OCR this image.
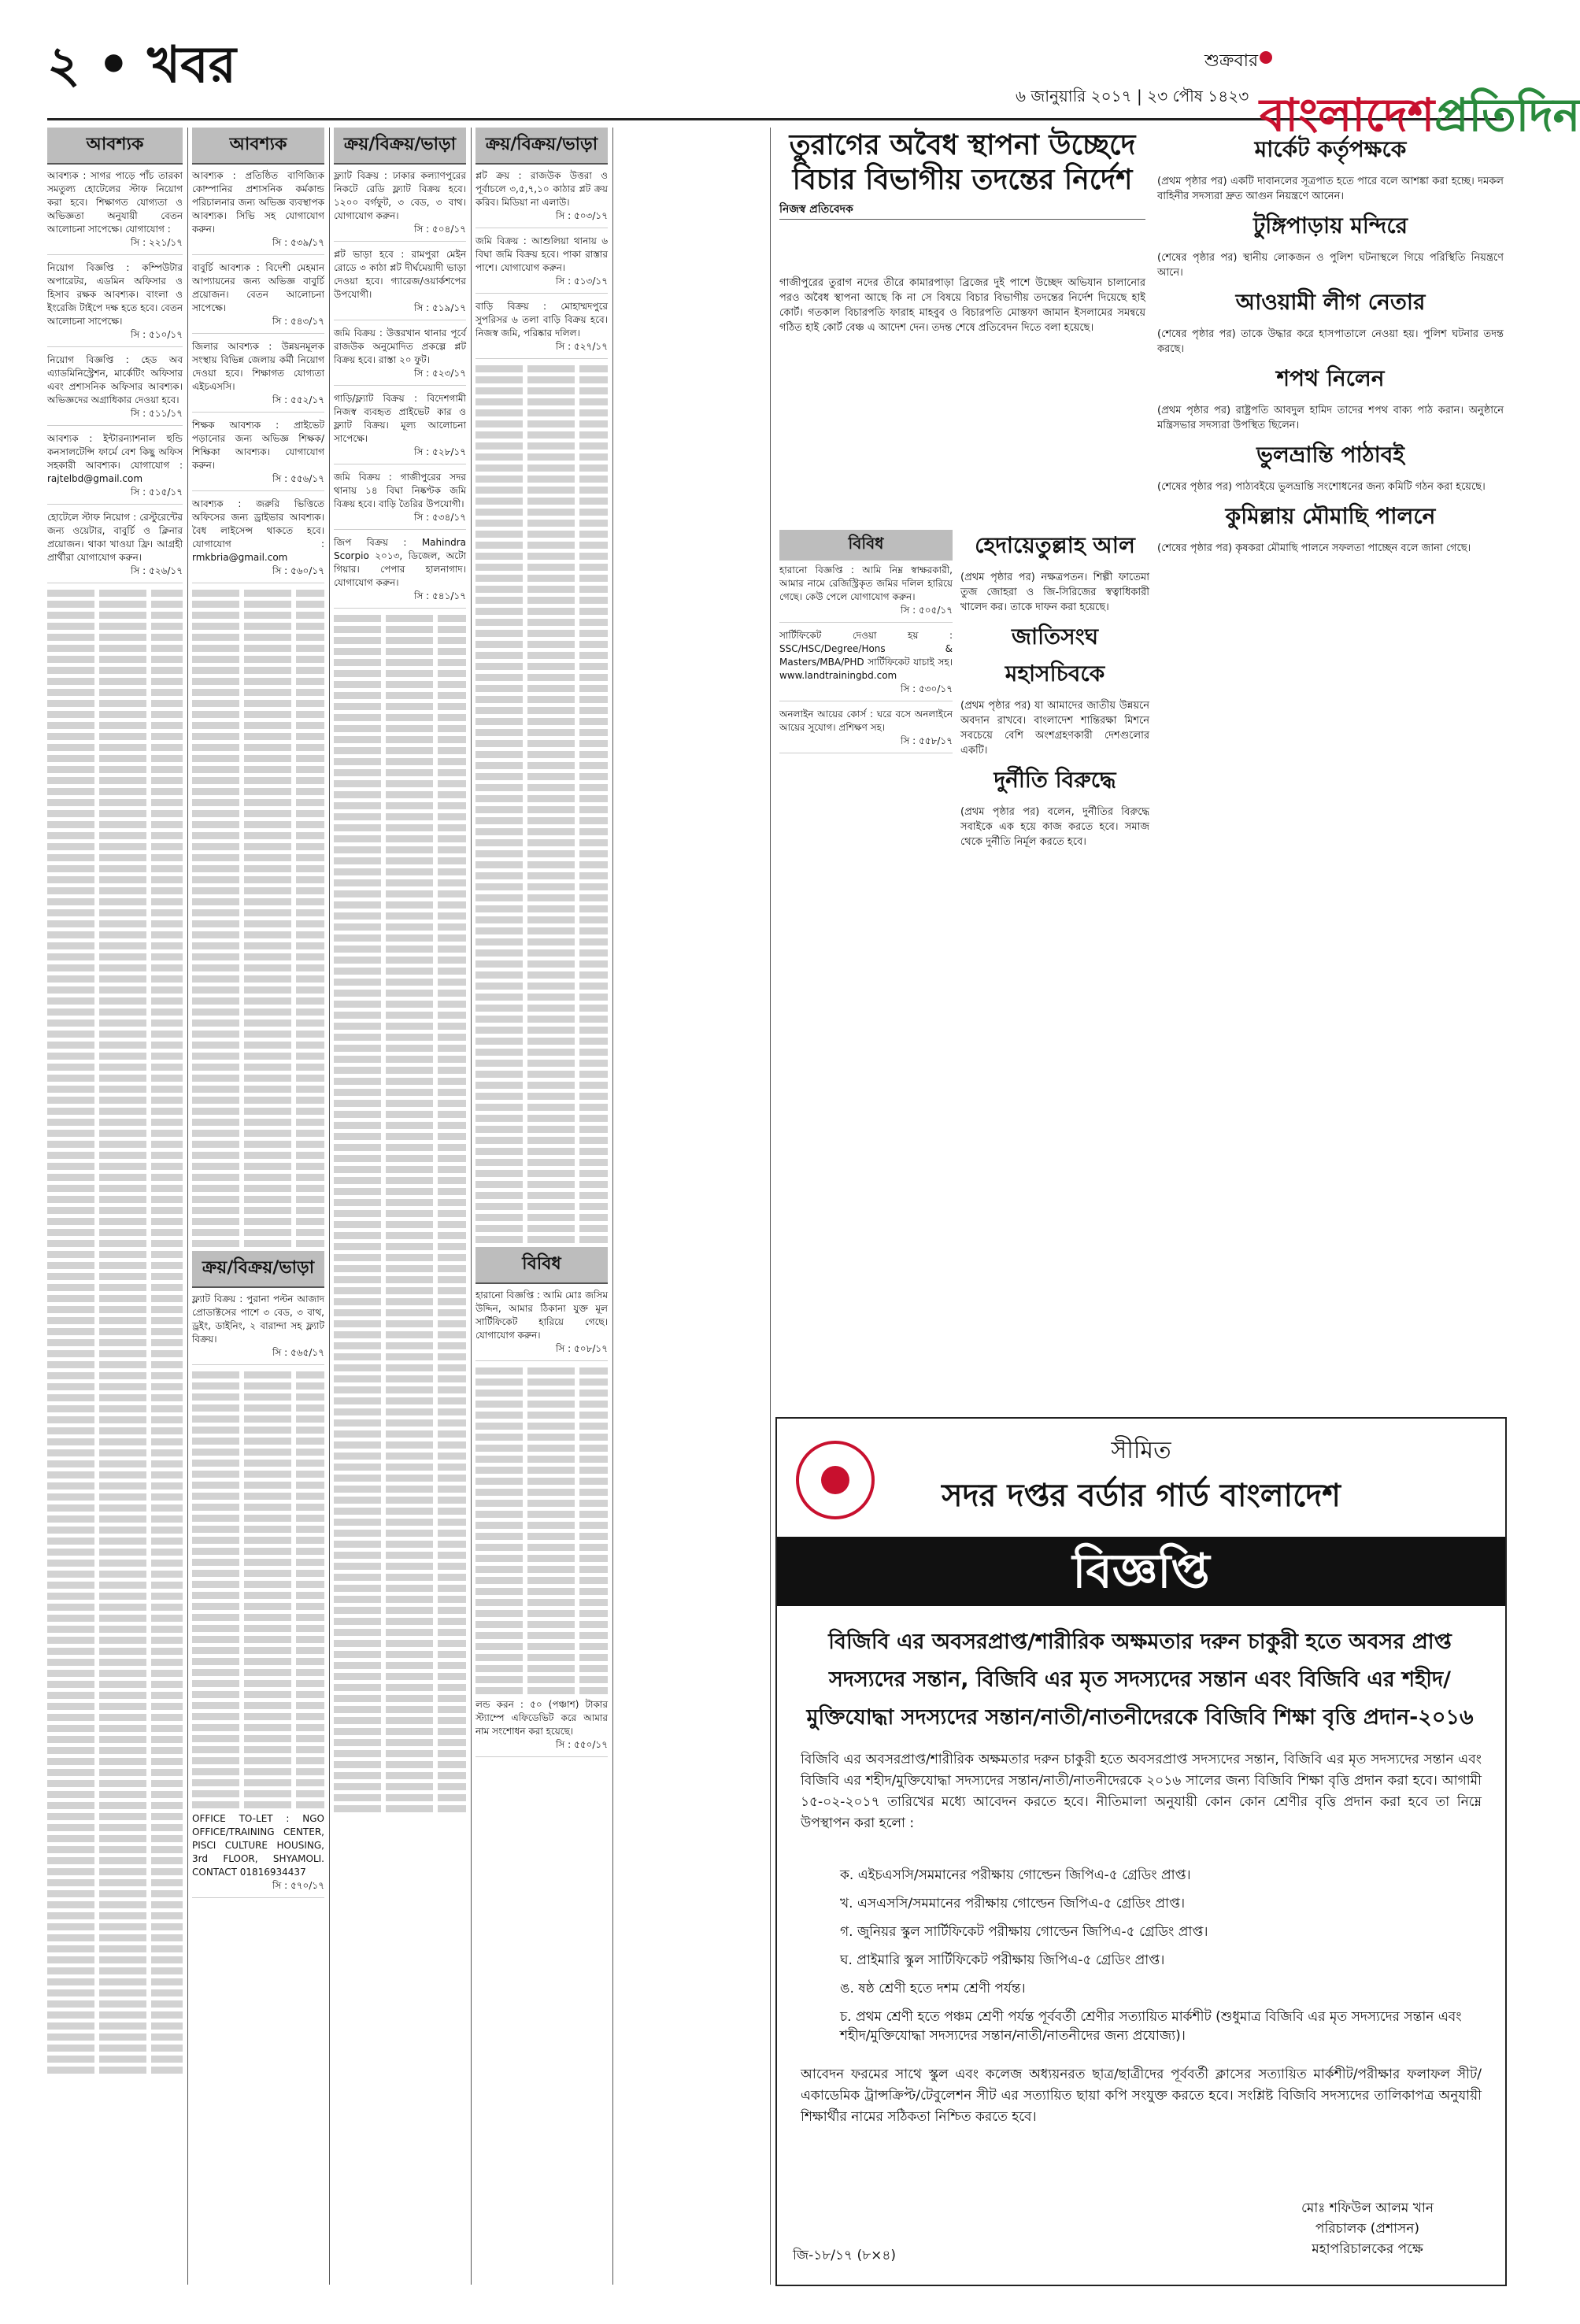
২ • খবর	শুক্রবার
৬ জানুয়ারি ২০১৭ | ২৩ পৌষ ১৪২৩ বাংলাদেশপ্রতিদিন
আবশ্যক
আবশ্যক : সাগর পাড়ে পাঁচ তারকা সমতুল্য হোটেলের স্টাফ নিয়োগ করা হবে। শিক্ষাগত যোগ্যতা ও অভিজ্ঞতা অনুযায়ী বেতন আলোচনা সাপেক্ষে। যোগাযোগ :
সি : ২২১/১৭
নিয়োগ বিজ্ঞপ্তি : কম্পিউটার অপারেটর, এডমিন অফিসার ও হিসাব রক্ষক আবশ্যক। বাংলা ও ইংরেজি টাইপে দক্ষ হতে হবে। বেতন আলোচনা সাপেক্ষে।
সি : ৫১০/১৭
নিয়োগ বিজ্ঞপ্তি : হেড অব এ্যাডমিনিস্ট্রেশন, মার্কেটিং অফিসার এবং প্রশাসনিক অফিসার আবশ্যক। অভিজ্ঞদের অগ্রাধিকার দেওয়া হবে।
সি : ৫১১/১৭
আবশ্যক : ইন্টারন্যাশনাল হুন্ডি কনসালটেন্সি ফার্মে বেশ কিছু অফিস সহকারী আবশ্যক। যোগাযোগ : rajtelbd@gmail.com
সি : ৫১৫/১৭
হোটেলে স্টাফ নিয়োগ : রেস্টুরেন্টের জন্য ওয়েটার, বাবুর্চি ও ক্লিনার প্রয়োজন। থাকা খাওয়া ফ্রি। আগ্রহী প্রার্থীরা যোগাযোগ করুন।
সি : ৫২৬/১৭
আবশ্যক
আবশ্যক : প্রতিষ্ঠিত বাণিজ্যিক কোম্পানির প্রশাসনিক কর্মকান্ড পরিচালনার জন্য অভিজ্ঞ ব্যবস্থাপক আবশ্যক। সিভি সহ যোগাযোগ করুন।
সি : ৫৩৯/১৭
বাবুর্চি আবশ্যক : বিদেশী মেহমান আপ্যায়নের জন্য অভিজ্ঞ বাবুর্চি প্রয়োজন। বেতন আলোচনা সাপেক্ষে।
সি : ৫৪৩/১৭
জিলার আবশ্যক : উন্নয়নমূলক সংস্থায় বিভিন্ন জেলায় কর্মী নিয়োগ দেওয়া হবে। শিক্ষাগত যোগ্যতা এইচএসসি।
সি : ৫৫২/১৭
শিক্ষক আবশ্যক : প্রাইভেট পড়ানোর জন্য অভিজ্ঞ শিক্ষক/শিক্ষিকা আবশ্যক। যোগাযোগ করুন।
সি : ৫৫৬/১৭
আবশ্যক : জরুরি ভিত্তিতে অফিসের জন্য ড্রাইভার আবশ্যক। বৈধ লাইসেন্স থাকতে হবে। যোগাযোগ : rmkbria@gmail.com
সি : ৫৬০/১৭
ক্রয়/বিক্রয়/ভাড়া
ফ্ল্যাট বিক্রয় : পুরানা পল্টন আজাদ প্রোডাক্টসের পাশে ৩ বেড, ৩ বাথ, ড্রইং, ডাইনিং, ২ বারান্দা সহ ফ্ল্যাট বিক্রয়।
সি : ৫৬৫/১৭
OFFICE TO-LET : NGO OFFICE/TRAINING CENTER, PISCI CULTURE HOUSING, 3rd FLOOR, SHYAMOLI. CONTACT 01816934437
সি : ৫৭০/১৭
ক্রয়/বিক্রয়/ভাড়া
ফ্ল্যাট বিক্রয় : ঢাকার কল্যাণপুরের নিকটে রেডি ফ্ল্যাট বিক্রয় হবে। ১২০০ বর্গফুট, ৩ বেড, ৩ বাথ। যোগাযোগ করুন।
সি : ৫০৪/১৭
প্লট ভাড়া হবে : রামপুরা মেইন রোডে ৩ কাঠা প্লট দীর্ঘমেয়াদী ভাড়া দেওয়া হবে। গ্যারেজ/ওয়ার্কশপের উপযোগী।
সি : ৫১৯/১৭
জমি বিক্রয় : উত্তরখান থানার পূর্বে রাজউক অনুমোদিত প্রকল্পে প্লট বিক্রয় হবে। রাস্তা ২০ ফুট।
সি : ৫২৩/১৭
গাড়ি/ফ্ল্যাট বিক্রয় : বিদেশগামী নিজস্ব ব্যবহৃত প্রাইভেট কার ও ফ্ল্যাট বিক্রয়। মূল্য আলোচনা সাপেক্ষে।
সি : ৫২৮/১৭
জমি বিক্রয় : গাজীপুরের সদর থানায় ১৪ বিঘা নিষ্কণ্টক জমি বিক্রয় হবে। বাড়ি তৈরির উপযোগী।
সি : ৫৩৪/১৭
জিপ বিক্রয় : Mahindra Scorpio ২০১৩, ডিজেল, অটো গিয়ার। পেপার হালনাগাদ। যোগাযোগ করুন।
সি : ৫৪১/১৭
ক্রয়/বিক্রয়/ভাড়া
প্লট ক্রয় : রাজউক উত্তরা ও পূর্বাচলে ৩,৫,৭,১০ কাঠার প্লট ক্রয় করিব। মিডিয়া না এলাউ।
সি : ৫০৩/১৭
জমি বিক্রয় : আশুলিয়া থানায় ৬ বিঘা জমি বিক্রয় হবে। পাকা রাস্তার পাশে। যোগাযোগ করুন।
সি : ৫১৩/১৭
বাড়ি বিক্রয় : মোহাম্মদপুরে সুপরিসর ৬ তলা বাড়ি বিক্রয় হবে। নিজস্ব জমি, পরিষ্কার দলিল।
সি : ৫২৭/১৭
বিবিধ
হারানো বিজ্ঞপ্তি : আমি মোঃ জসিম উদ্দিন, আমার ঠিকানা যুক্ত মূল সার্টিফিকেট হারিয়ে গেছে। যোগাযোগ করুন।
সি : ৫০৮/১৭
লন্ড করন : ৫০ (পঞ্চাশ) টাকার স্ট্যাম্পে এফিডেভিট করে আমার নাম সংশোধন করা হয়েছে।
সি : ৫৫০/১৭
তুরাগের অবৈধ স্থাপনা উচ্ছেদে বিচার বিভাগীয় তদন্তের নির্দেশ
নিজস্ব প্রতিবেদক
গাজীপুরের তুরাগ নদের তীরে কামারপাড়া ব্রিজের দুই পাশে উচ্ছেদ অভিযান চালানোর পরও অবৈধ স্থাপনা আছে কি না সে বিষয়ে বিচার বিভাগীয় তদন্তের নির্দেশ দিয়েছে হাই কোর্ট। গতকাল বিচারপতি ফারাহ মাহবুব ও বিচারপতি মোস্তফা জামান ইসলামের সমন্বয়ে গঠিত হাই কোর্ট বেঞ্চ এ আদেশ দেন। তদন্ত শেষে প্রতিবেদন দিতে বলা হয়েছে।
বিবিধ
হারানো বিজ্ঞপ্তি : আমি নিম্ন স্বাক্ষরকারী, আমার নামে রেজিস্ট্রিকৃত জমির দলিল হারিয়ে গেছে। কেউ পেলে যোগাযোগ করুন।
সি : ৫০৫/১৭
সার্টিফিকেট দেওয়া হয় : SSC/HSC/Degree/Hons & Masters/MBA/PHD সার্টিফিকেট যাচাই সহ। www.landtrainingbd.com
সি : ৫৩০/১৭
অনলাইন আয়ের কোর্স : ঘরে বসে অনলাইনে আয়ের সুযোগ। প্রশিক্ষণ সহ।
সি : ৫৫৮/১৭
হেদায়েতুল্লাহ আল
(প্রথম পৃষ্ঠার পর) নক্ষত্রপতন। শিল্পী ফাতেমা তুজ জোহরা ও জি-সিরিজের স্বত্বাধিকারী খালেদ কর। তাকে দাফন করা হয়েছে।
জাতিসংঘ মহাসচিবকে
(প্রথম পৃষ্ঠার পর) যা আমাদের জাতীয় উন্নয়নে অবদান রাখবে। বাংলাদেশ শান্তিরক্ষা মিশনে সবচেয়ে বেশি অংশগ্রহণকারী দেশগুলোর একটি।
দুর্নীতি বিরুদ্ধে
(প্রথম পৃষ্ঠার পর) বলেন, দুর্নীতির বিরুদ্ধে সবাইকে এক হয়ে কাজ করতে হবে। সমাজ থেকে দুর্নীতি নির্মূল করতে হবে।
মার্কেট কর্তৃপক্ষকে
(প্রথম পৃষ্ঠার পর) একটি দাবানলের সূত্রপাত হতে পারে বলে আশঙ্কা করা হচ্ছে। দমকল বাহিনীর সদস্যরা দ্রুত আগুন নিয়ন্ত্রণে আনেন।
টুঙ্গিপাড়ায় মন্দিরে
(শেষের পৃষ্ঠার পর) স্থানীয় লোকজন ও পুলিশ ঘটনাস্থলে গিয়ে পরিস্থিতি নিয়ন্ত্রণে আনে।
আওয়ামী লীগ নেতার
(শেষের পৃষ্ঠার পর) তাকে উদ্ধার করে হাসপাতালে নেওয়া হয়। পুলিশ ঘটনার তদন্ত করছে।
শপথ নিলেন
(প্রথম পৃষ্ঠার পর) রাষ্ট্রপতি আবদুল হামিদ তাদের শপথ বাক্য পাঠ করান। অনুষ্ঠানে মন্ত্রিসভার সদস্যরা উপস্থিত ছিলেন।
ভুলভ্রান্তি পাঠাবই
(শেষের পৃষ্ঠার পর) পাঠ্যবইয়ে ভুলভ্রান্তি সংশোধনের জন্য কমিটি গঠন করা হয়েছে।
কুমিল্লায় মৌমাছি পালনে
(শেষের পৃষ্ঠার পর) কৃষকরা মৌমাছি পালনে সফলতা পাচ্ছেন বলে জানা গেছে।
সীমিত
সদর দপ্তর বর্ডার গার্ড বাংলাদেশ
বিজ্ঞপ্তি
বিজিবি এর অবসরপ্রাপ্ত/শারীরিক অক্ষমতার দরুন চাকুরী হতে অবসর প্রাপ্ত সদস্যদের সন্তান, বিজিবি এর মৃত সদস্যদের সন্তান এবং বিজিবি এর শহীদ/মুক্তিযোদ্ধা সদস্যদের সন্তান/নাতী/নাতনীদেরকে বিজিবি শিক্ষা বৃত্তি প্রদান-২০১৬
বিজিবি এর অবসরপ্রাপ্ত/শারীরিক অক্ষমতার দরুন চাকুরী হতে অবসরপ্রাপ্ত সদস্যদের সন্তান, বিজিবি এর মৃত সদস্যদের সন্তান এবং বিজিবি এর শহীদ/মুক্তিযোদ্ধা সদস্যদের সন্তান/নাতী/নাতনীদেরকে ২০১৬ সালের জন্য বিজিবি শিক্ষা বৃত্তি প্রদান করা হবে। আগামী ১৫-০২-২০১৭ তারিখের মধ্যে আবেদন করতে হবে। নীতিমালা অনুযায়ী কোন কোন শ্রেণীর বৃত্তি প্রদান করা হবে তা নিম্নে উপস্থাপন করা হলো :
ক. এইচএসসি/সমমানের পরীক্ষায় গোল্ডেন জিপিএ-৫ গ্রেডিং প্রাপ্ত।
খ. এসএসসি/সমমানের পরীক্ষায় গোল্ডেন জিপিএ-৫ গ্রেডিং প্রাপ্ত।
গ. জুনিয়র স্কুল সার্টিফিকেট পরীক্ষায় গোল্ডেন জিপিএ-৫ গ্রেডিং প্রাপ্ত।
ঘ. প্রাইমারি স্কুল সার্টিফিকেট পরীক্ষায় জিপিএ-৫ গ্রেডিং প্রাপ্ত।
ঙ. ষষ্ঠ শ্রেণী হতে দশম শ্রেণী পর্যন্ত।
চ. প্রথম শ্রেণী হতে পঞ্চম শ্রেণী পর্যন্ত পূর্ববর্তী শ্রেণীর সত্যায়িত মার্কশীট (শুধুমাত্র বিজিবি এর মৃত সদস্যদের সন্তান এবং শহীদ/মুক্তিযোদ্ধা সদস্যদের সন্তান/নাতী/নাতনীদের জন্য প্রযোজ্য)।
আবেদন ফরমের সাথে স্কুল এবং কলেজ অধ্যয়নরত ছাত্র/ছাত্রীদের পূর্ববর্তী ক্লাসের সত্যায়িত মার্কশীট/পরীক্ষার ফলাফল সীট/একাডেমিক ট্রান্সক্রিপ্ট/টেবুলেশন সীট এর সত্যায়িত ছায়া কপি সংযুক্ত করতে হবে। সংশ্লিষ্ট বিজিবি সদস্যদের তালিকাপত্র অনুযায়ী শিক্ষার্থীর নামের সঠিকতা নিশ্চিত করতে হবে।
মোঃ শফিউল আলম খান
পরিচালক (প্রশাসন)
মহাপরিচালকের পক্ষে
জি-১৮/১৭ (৮×৪)
